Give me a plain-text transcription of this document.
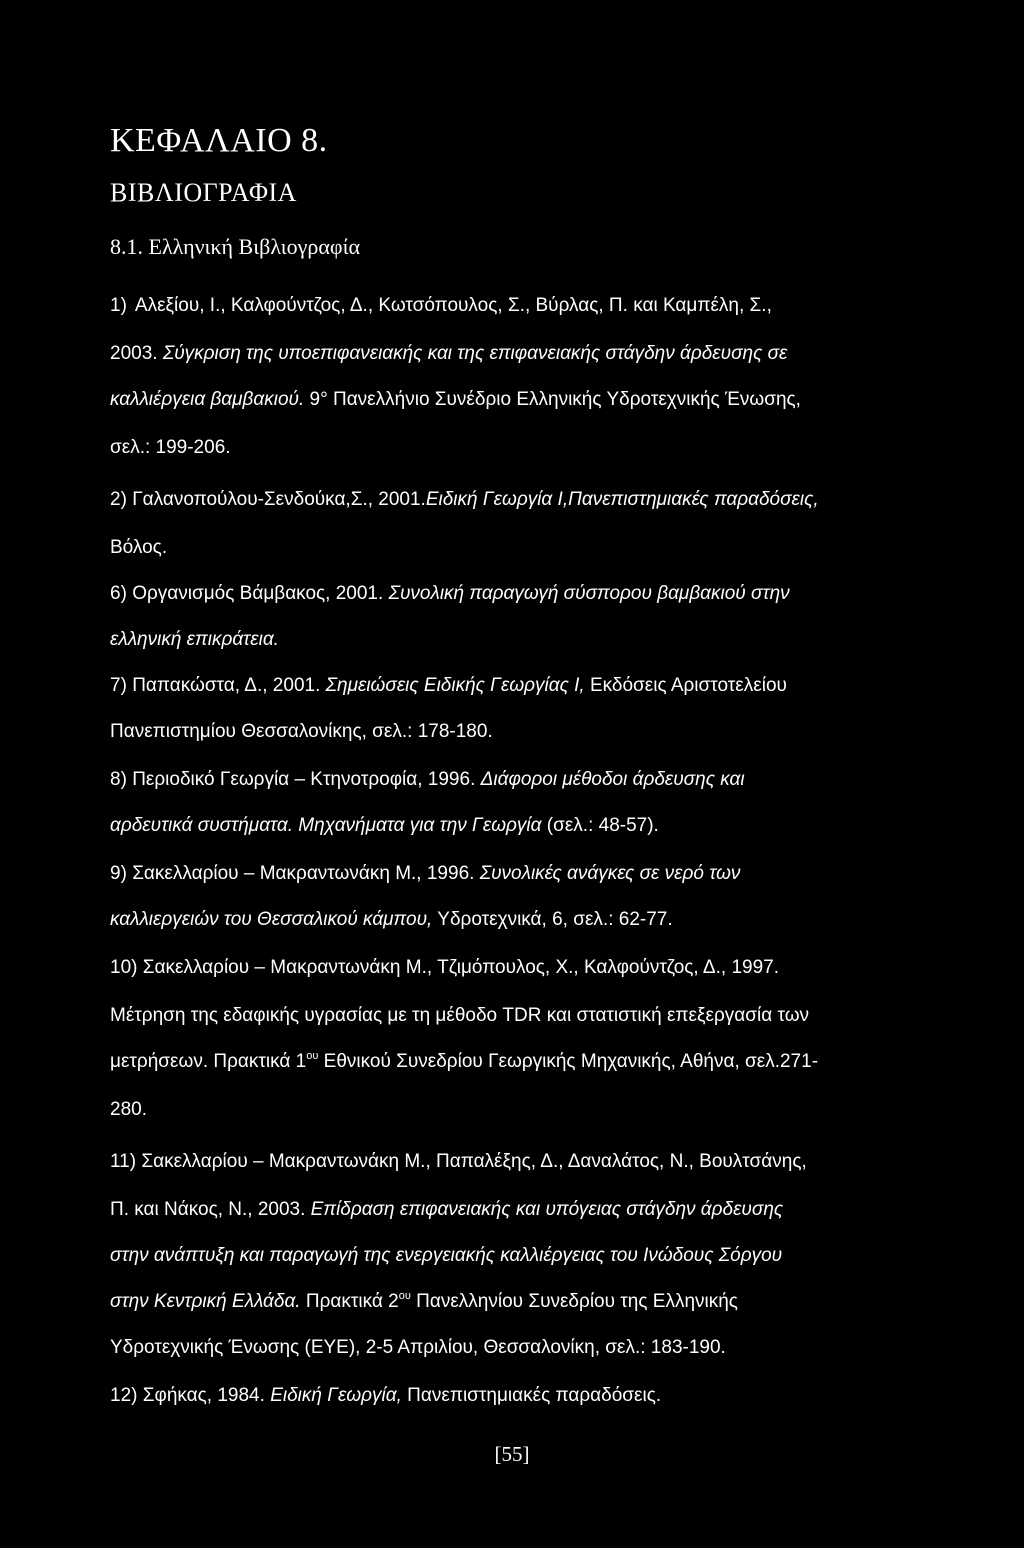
ΚΕΦΑΛΑΙΟ 8.
ΒΙΒΛΙΟΓΡΑΦΙΑ
8.1. Ελληνική Βιβλιογραφία
1) Αλεξίου, Ι., Καλφούντζος, Δ., Κωτσόπουλος, Σ., Βύρλας, Π. και Καμπέλη, Σ.,
2003. Σύγκριση της υποεπιφανειακής και της επιφανειακής στάγδην άρδευσης σε
καλλιέργεια βαμβακιού. 9° Πανελλήνιο Συνέδριο Ελληνικής Υδροτεχνικής Ένωσης,
σελ.: 199-206.
2) Γαλανοπούλου-Σενδούκα,Σ., 2001.Ειδική Γεωργία Ι,Πανεπιστημιακές παραδόσεις,
Βόλος.
6) Οργανισμός Βάμβακος, 2001. Συνολική παραγωγή σύσπορου βαμβακιού στην
ελληνική επικράτεια.
7) Παπακώστα, Δ., 2001. Σημειώσεις Ειδικής Γεωργίας Ι, Εκδόσεις Αριστοτελείου
Πανεπιστημίου Θεσσαλονίκης, σελ.: 178-180.
8) Περιοδικό Γεωργία – Κτηνοτροφία, 1996. Διάφοροι μέθοδοι άρδευσης και
αρδευτικά συστήματα. Μηχανήματα για την Γεωργία (σελ.: 48-57).
9) Σακελλαρίου – Μακραντωνάκη Μ., 1996. Συνολικές ανάγκες σε νερό των
καλλιεργειών του Θεσσαλικού κάμπου, Υδροτεχνικά, 6, σελ.: 62-77.
10) Σακελλαρίου – Μακραντωνάκη Μ., Τζιμόπουλος, Χ., Καλφούντζος, Δ., 1997.
Μέτρηση της εδαφικής υγρασίας με τη μέθοδο TDR και στατιστική επεξεργασία των
μετρήσεων. Πρακτικά $1^{o\upsilon}$ Εθνικού Συνεδρίου Γεωργικής Μηχανικής, Αθήνα, σελ.271-
280.
11) Σακελλαρίου – Μακραντωνάκη Μ., Παπαλέξης, Δ., Δαναλάτος, Ν., Βουλτσάνης,
Π. και Νάκος, Ν., 2003. Επίδραση επιφανειακής και υπόγειας στάγδην άρδευσης
στην ανάπτυξη και παραγωγή της ενεργειακής καλλιέργειας του Ινώδους Σόργου
στην Κεντρική Ελλάδα. Πρακτικά $2^{o\upsilon}$ Πανελληνίου Συνεδρίου της Ελληνικής
Υδροτεχνικής Ένωσης (ΕΥΕ), 2-5 Απριλίου, Θεσσαλονίκη, σελ.: 183-190.
12) Σφήκας, 1984. Ειδική Γεωργία, Πανεπιστημιακές παραδόσεις.
[55]
